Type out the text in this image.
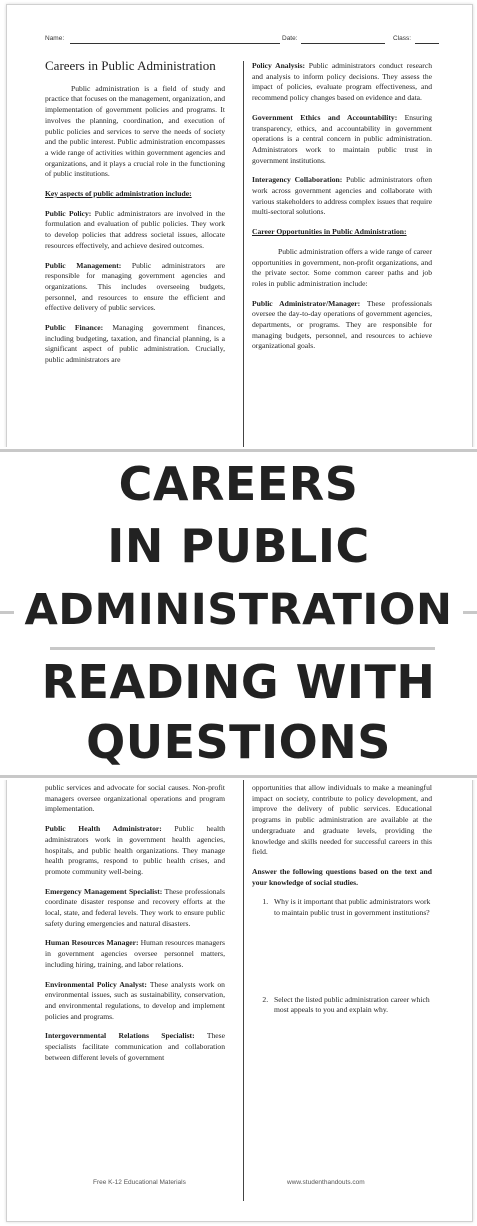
Name:	Date:	Class:
Careers in Public Administration

Public administration is a field of study and practice that focuses on the management, organization, and implementation of government policies and programs. It involves the planning, coordination, and execution of public policies and services to serve the needs of society and the public interest. Public administration encompasses a wide range of activities within government agencies and organizations, and it plays a crucial role in the functioning of public institutions.

Key aspects of public administration include:

Public Policy: Public administrators are involved in the formulation and evaluation of public policies. They work to develop policies that address societal issues, allocate resources effectively, and achieve desired outcomes.

Public Management: Public administrators are responsible for managing government agencies and organizations. This includes overseeing budgets, personnel, and resources to ensure the efficient and effective delivery of public services.

Public Finance: Managing government finances, including budgeting, taxation, and financial planning, is a significant aspect of public administration. Crucially, public administrators are

Policy Analysis: Public administrators conduct research and analysis to inform policy decisions. They assess the impact of policies, evaluate program effectiveness, and recommend policy changes based on evidence and data.

Government Ethics and Accountability: Ensuring transparency, ethics, and accountability in government operations is a central concern in public administration. Administrators work to maintain public trust in government institutions.

Interagency Collaboration: Public administrators often work across government agencies and collaborate with various stakeholders to address complex issues that require multi-sectoral solutions.

Career Opportunities in Public Administration:

Public administration offers a wide range of career opportunities in government, non-profit organizations, and the private sector. Some common career paths and job roles in public administration include:

Public Administrator/Manager: These professionals oversee the day-to-day operations of government agencies, departments, or programs. They are responsible for managing budgets, personnel, and resources to achieve organizational goals.

public services and advocate for social causes. Non-profit managers oversee organizational operations and program implementation.

Public Health Administrator: Public health administrators work in government health agencies, hospitals, and public health organizations. They manage health programs, respond to public health crises, and promote community well-being.

Emergency Management Specialist: These professionals coordinate disaster response and recovery efforts at the local, state, and federal levels. They work to ensure public safety during emergencies and natural disasters.

Human Resources Manager: Human resources managers in government agencies oversee personnel matters, including hiring, training, and labor relations.

Environmental Policy Analyst: These analysts work on environmental issues, such as sustainability, conservation, and environmental regulations, to develop and implement policies and programs.

Intergovernmental Relations Specialist: These specialists facilitate communication and collaboration between different levels of government

opportunities that allow individuals to make a meaningful impact on society, contribute to policy development, and improve the delivery of public services. Educational programs in public administration are available at the undergraduate and graduate levels, providing the knowledge and skills needed for successful careers in this field.

Answer the following questions based on the text and your knowledge of social studies.

1. Why is it important that public administrators work to maintain public trust in government institutions?
2. Select the listed public administration career which most appeals to you and explain why.
Free K-12 Educational Materials	www.studenthandouts.com
CAREERS
IN PUBLIC
ADMINISTRATION
READING WITH
QUESTIONS
